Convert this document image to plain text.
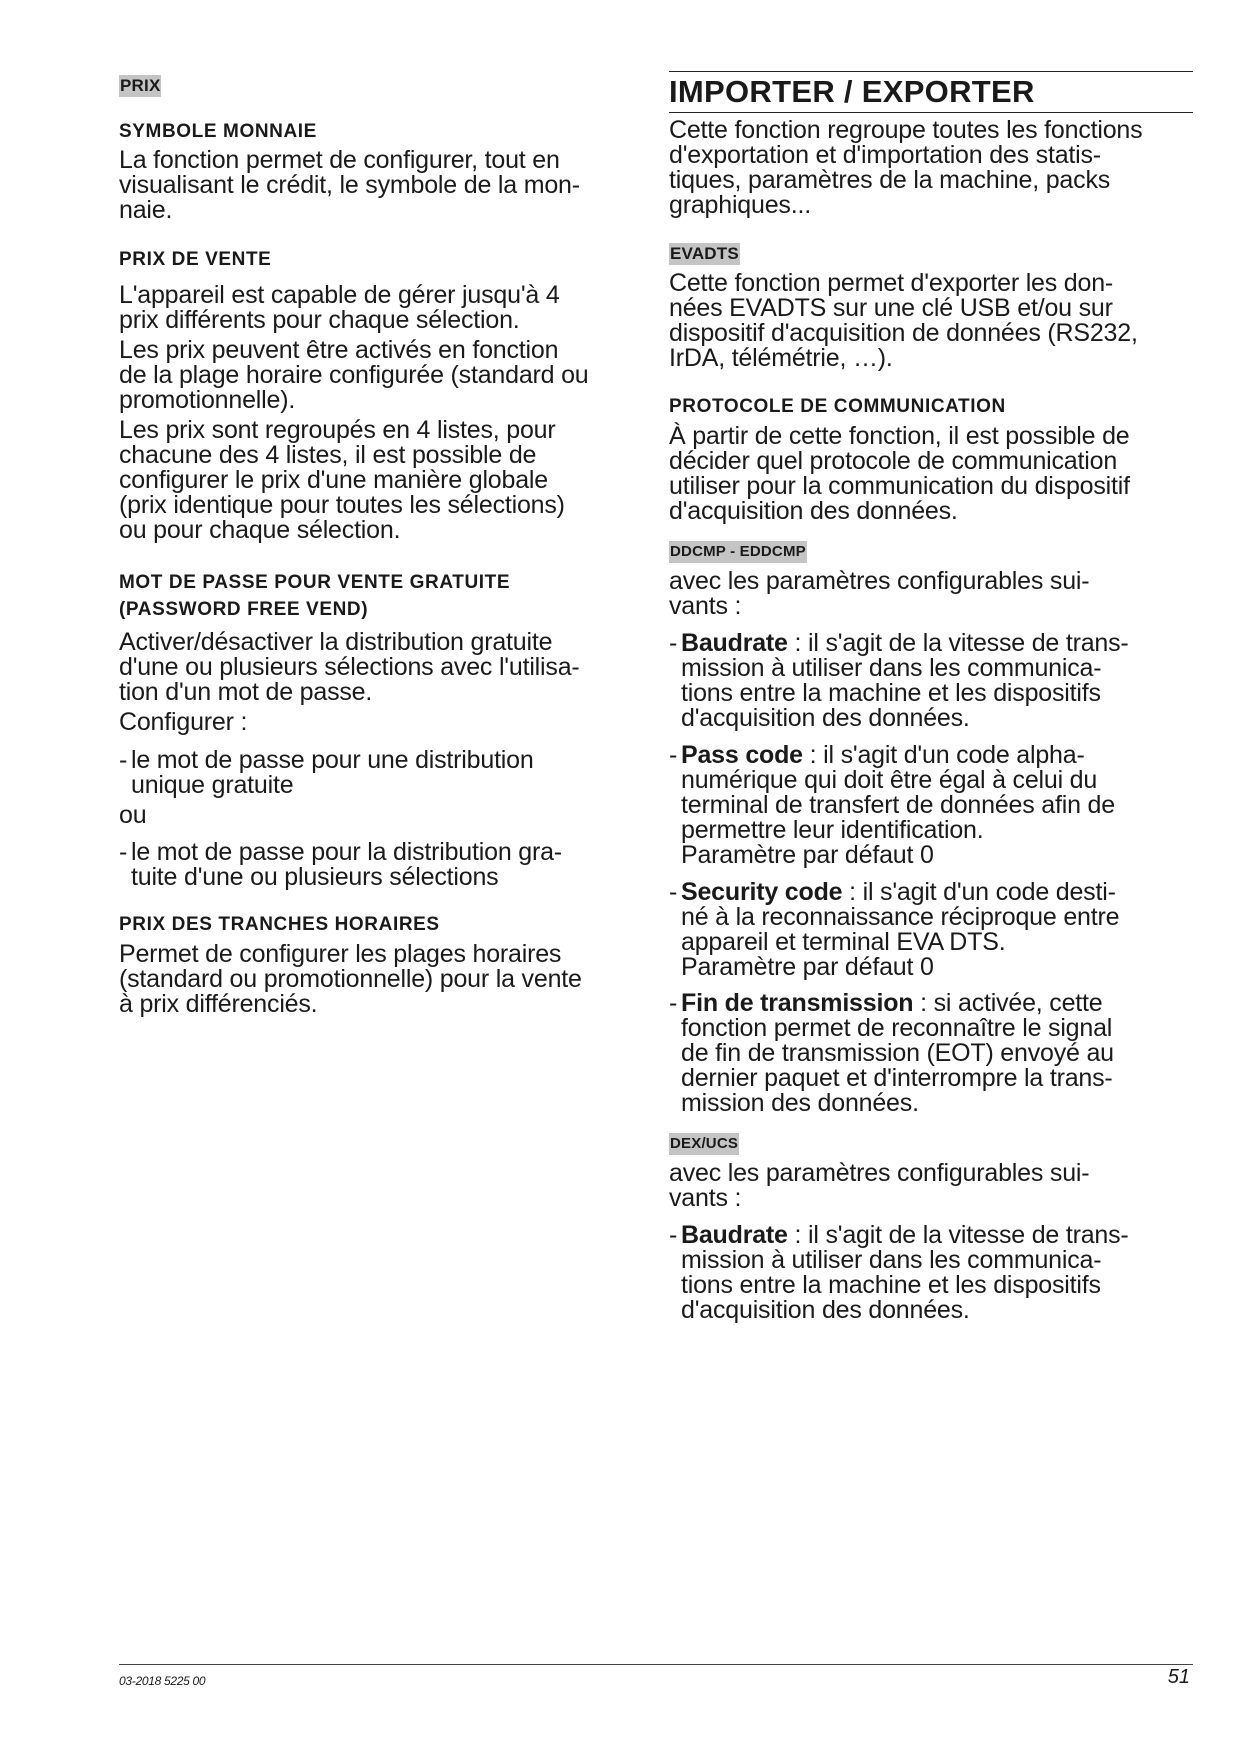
PRIX
SYMBOLE MONNAIE

La fonction permet de configurer, tout en

visualisant le crédit, le symbole de la mon-

naie.

PRIX DE VENTE

L'appareil est capable de gérer jusqu'à 4

prix différents pour chaque sélection.

Les prix peuvent être activés en fonction

de la plage horaire configurée (standard ou

promotionnelle).

Les prix sont regroupés en 4 listes, pour

chacune des 4 listes, il est possible de

configurer le prix d'une manière globale

(prix identique pour toutes les sélections)

ou pour chaque sélection.

MOT DE PASSE POUR VENTE GRATUITE
(PASSWORD FREE VEND)

Activer/désactiver la distribution gratuite

d'une ou plusieurs sélections avec l'utilisa-

tion d'un mot de passe.

Configurer :
- le mot de passe pour une distribution
unique gratuite
ou
- le mot de passe pour la distribution gra-
tuite d'une ou plusieurs sélections
PRIX DES TRANCHES HORAIRES

Permet de configurer les plages horaires

(standard ou promotionnelle) pour la vente

à prix différenciés.

IMPORTER / EXPORTER

Cette fonction regroupe toutes les fonctions

d'exportation et d'importation des statis-

tiques, paramètres de la machine, packs

graphiques...

EVADTS

Cette fonction permet d'exporter les don-

nées EVADTS sur une clé USB et/ou sur

dispositif d'acquisition de données (RS232,

IrDA, télémétrie, …).

PROTOCOLE DE COMMUNICATION

À partir de cette fonction, il est possible de

décider quel protocole de communication

utiliser pour la communication du dispositif

d'acquisition des données.

DDCMP - EDDCMP

avec les paramètres configurables sui-

vants :

- Baudrate : il s'agit de la vitesse de trans-
mission à utiliser dans les communica-
tions entre la machine et les dispositifs
d'acquisition des données.
- Pass code : il s'agit d'un code alpha-
numérique qui doit être égal à celui du
terminal de transfert de données afin de
permettre leur identification.
Paramètre par défaut 0
- Security code : il s'agit d'un code desti-
né à la reconnaissance réciproque entre
appareil et terminal EVA DTS.
Paramètre par défaut 0
- Fin de transmission : si activée, cette
fonction permet de reconnaître le signal
de fin de transmission (EOT) envoyé au
dernier paquet et d'interrompre la trans-
mission des données.
DEX/UCS

avec les paramètres configurables sui-

vants :

- Baudrate : il s'agit de la vitesse de trans-
mission à utiliser dans les communica-
tions entre la machine et les dispositifs
d'acquisition des données.
03-2018 5225 00	51
